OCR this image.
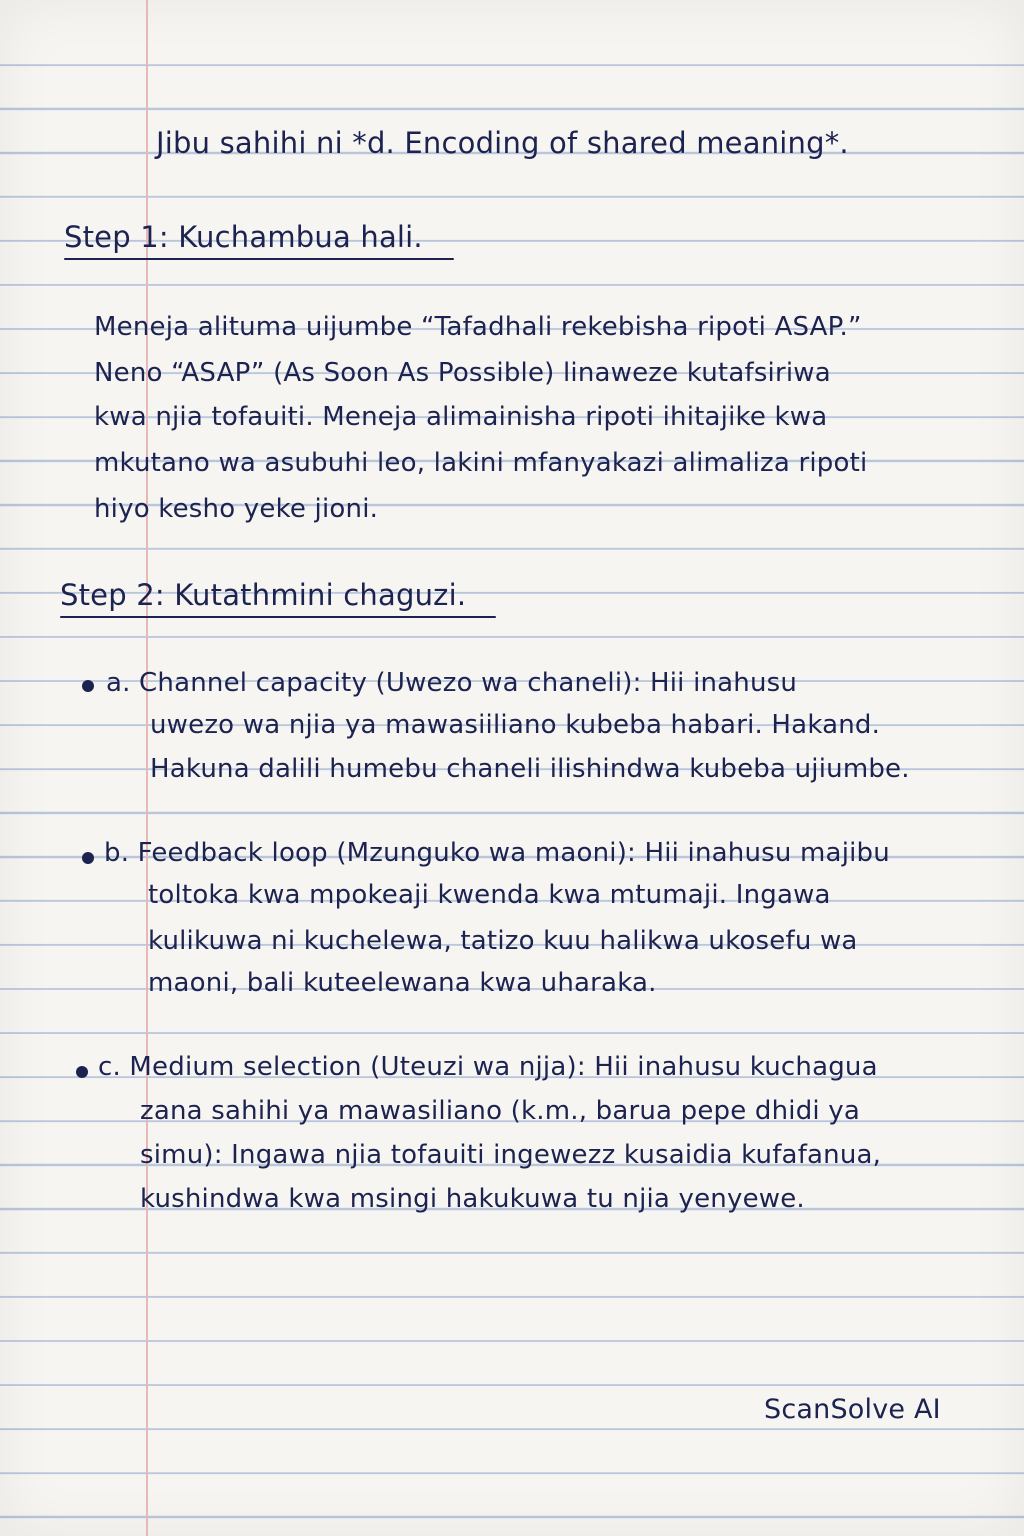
Jibu sahihi ni *d. Encoding of shared meaning*.
Step 1: Kuchambua hali.
Meneja alituma uijumbe “Tafadhali rekebisha ripoti ASAP.”
Neno “ASAP” (As Soon As Possible) linaweze kutafsiriwa
kwa njia tofauiti. Meneja alimainisha ripoti ihitajike kwa
mkutano wa asubuhi leo, lakini mfanyakazi alimaliza ripoti
hiyo kesho yeke jioni.
Step 2: Kutathmini chaguzi.
a. Channel capacity (Uwezo wa chaneli): Hii inahusu
uwezo wa njia ya mawasiiliano kubeba habari. Hakand.
Hakuna dalili humebu chaneli ilishindwa kubeba ujiumbe.
b. Feedback loop (Mzunguko wa maoni): Hii inahusu majibu
toltoka kwa mpokeaji kwenda kwa mtumaji. Ingawa
kulikuwa ni kuchelewa, tatizo kuu halikwa ukosefu wa
maoni, bali kuteelewana kwa uharaka.
c. Medium selection (Uteuzi wa njja): Hii inahusu kuchagua
zana sahihi ya mawasiliano (k.m., barua pepe dhidi ya
simu): Ingawa njia tofauiti ingewezz kusaidia kufafanua,
kushindwa kwa msingi hakukuwa tu njia yenyewe.
ScanSolve AI
